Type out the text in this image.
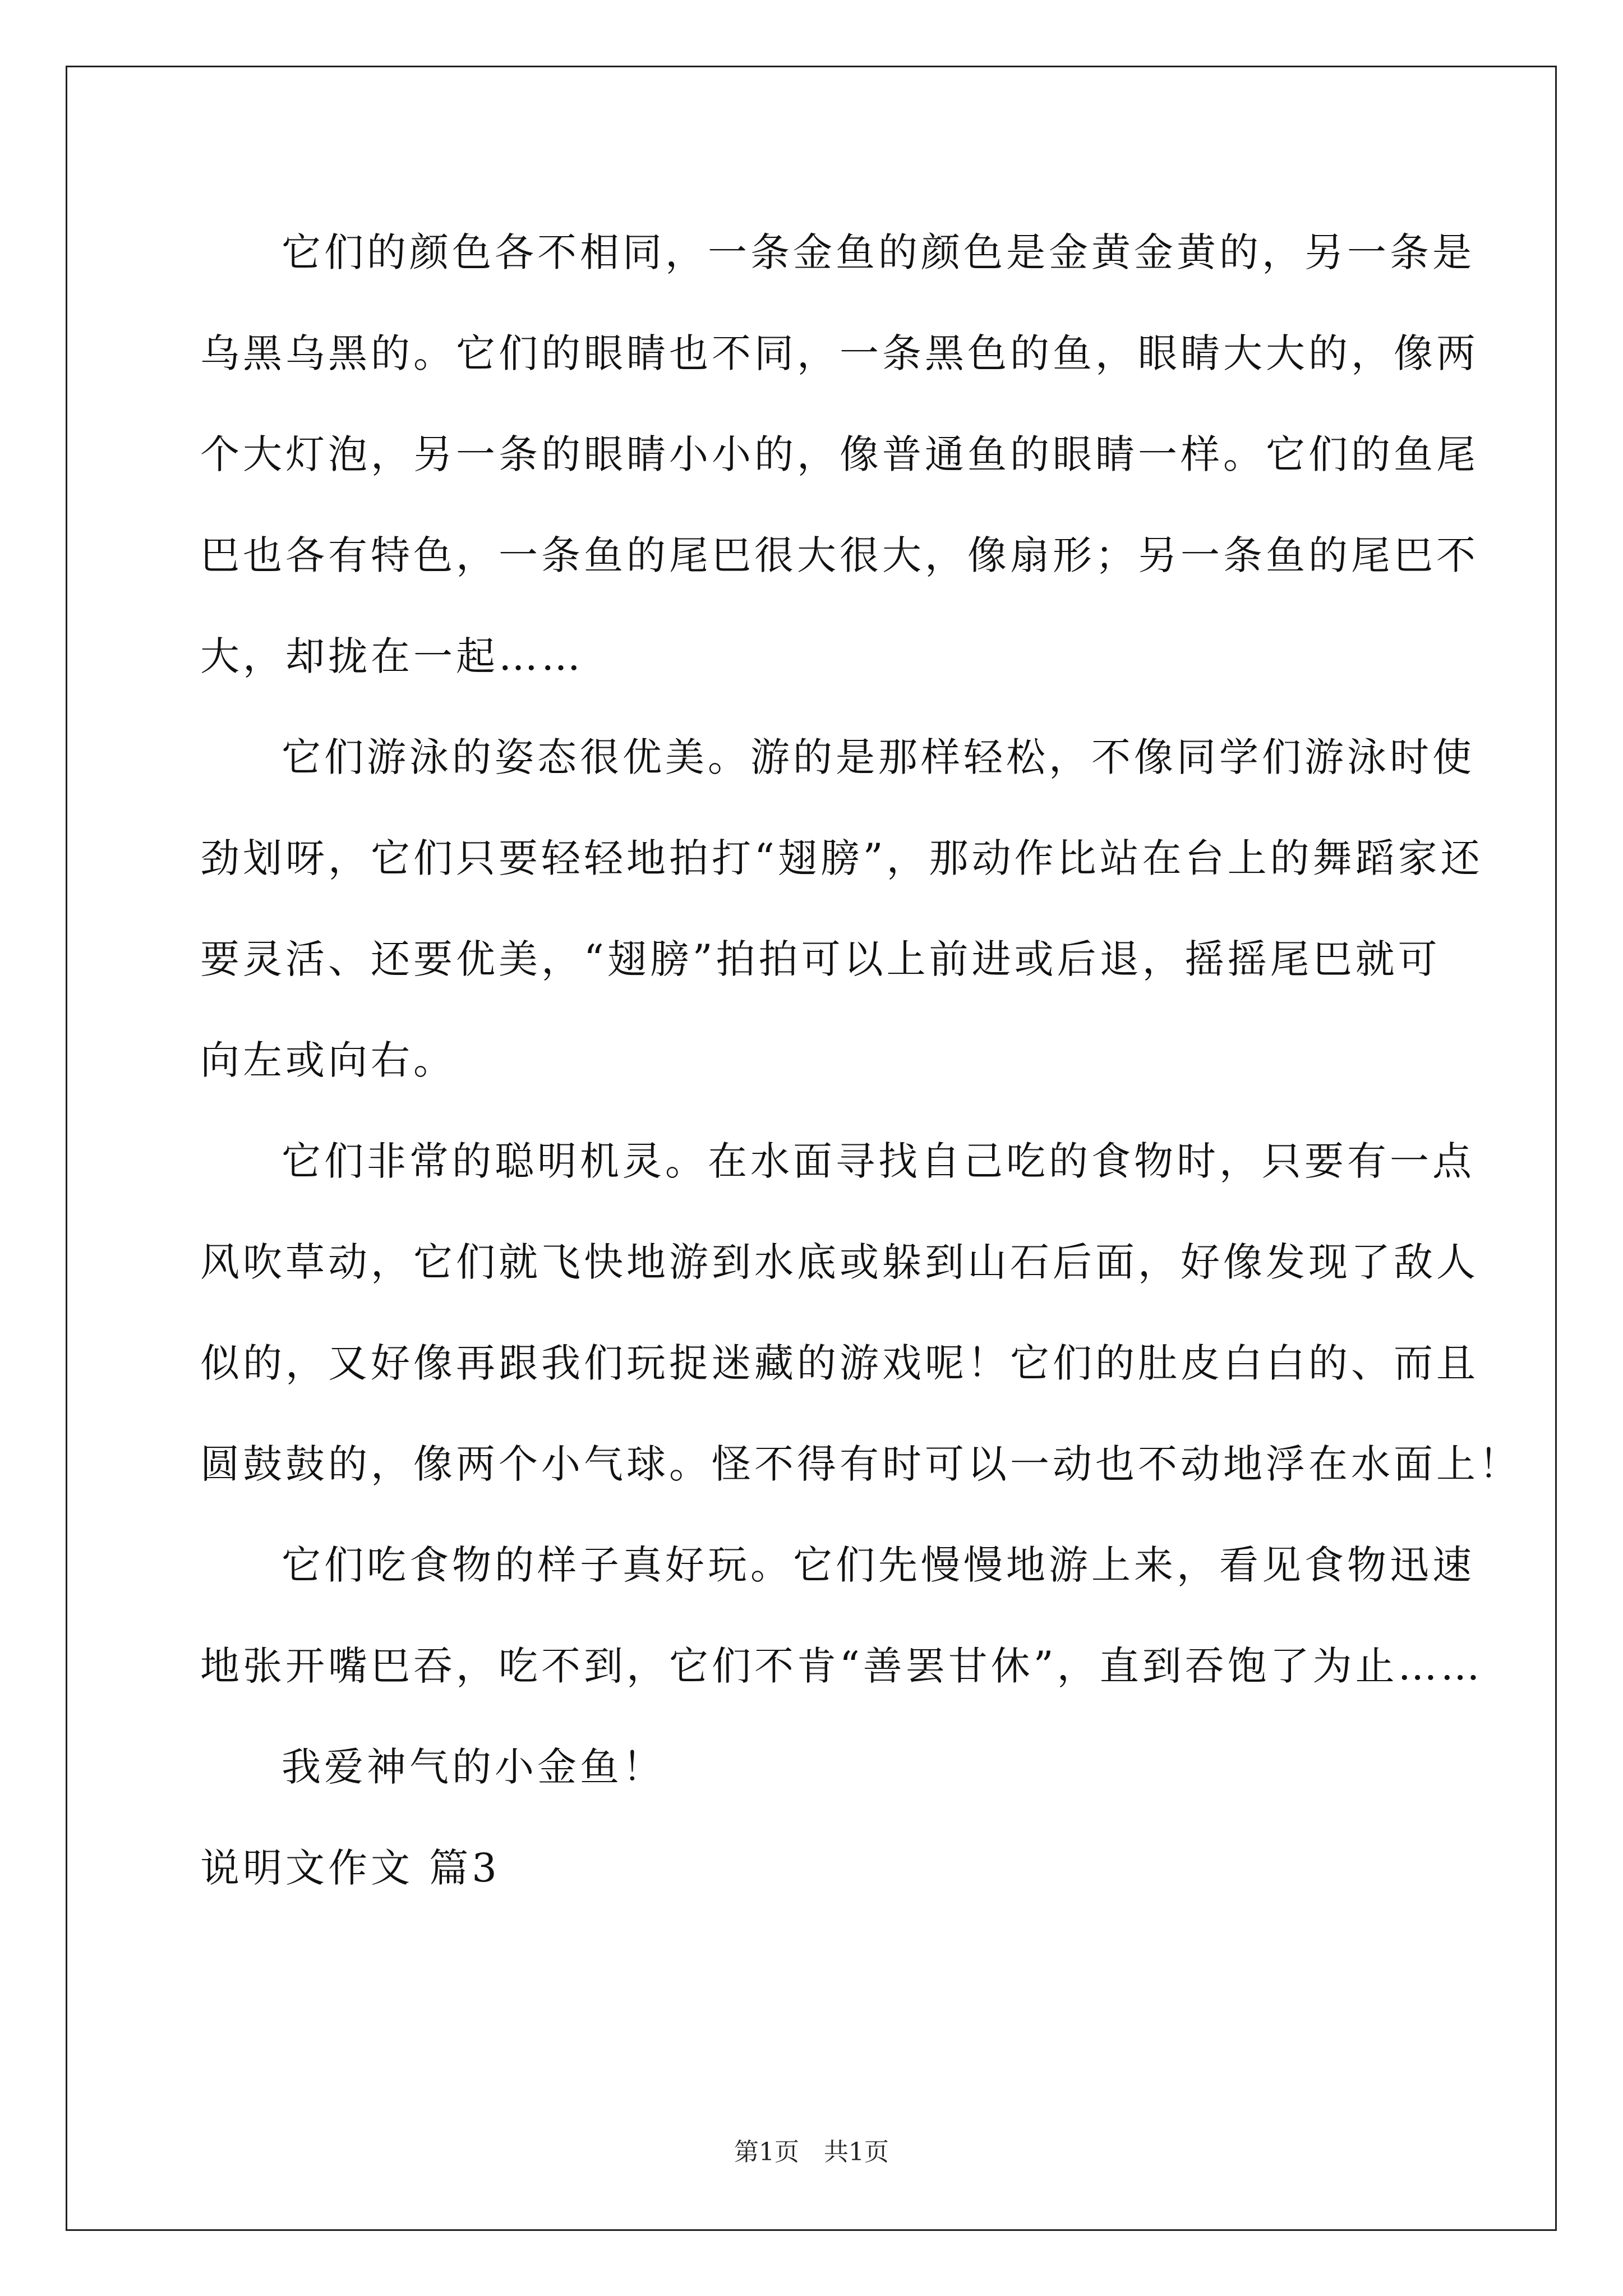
它们的颜色各不相同，一条金鱼的颜色是金黄金黄的，另一条是
乌黑乌黑的。它们的眼睛也不同，一条黑色的鱼，眼睛大大的，像两
个大灯泡，另一条的眼睛小小的，像普通鱼的眼睛一样。它们的鱼尾
巴也各有特色，一条鱼的尾巴很大很大，像扇形；另一条鱼的尾巴不
大，却拢在一起……
它们游泳的姿态很优美。游的是那样轻松，不像同学们游泳时使
劲划呀，它们只要轻轻地拍打“翅膀”，那动作比站在台上的舞蹈家还
要灵活、还要优美，“翅膀”拍拍可以上前进或后退，摇摇尾巴就可
向左或向右。
它们非常的聪明机灵。在水面寻找自己吃的食物时，只要有一点
风吹草动，它们就飞快地游到水底或躲到山石后面，好像发现了敌人
似的，又好像再跟我们玩捉迷藏的游戏呢！它们的肚皮白白的、而且
圆鼓鼓的，像两个小气球。怪不得有时可以一动也不动地浮在水面上！
它们吃食物的样子真好玩。它们先慢慢地游上来，看见食物迅速
地张开嘴巴吞，吃不到，它们不肯“善罢甘休”，直到吞饱了为止……
我爱神气的小金鱼！
说明文作文 篇3
第1页　共1页
